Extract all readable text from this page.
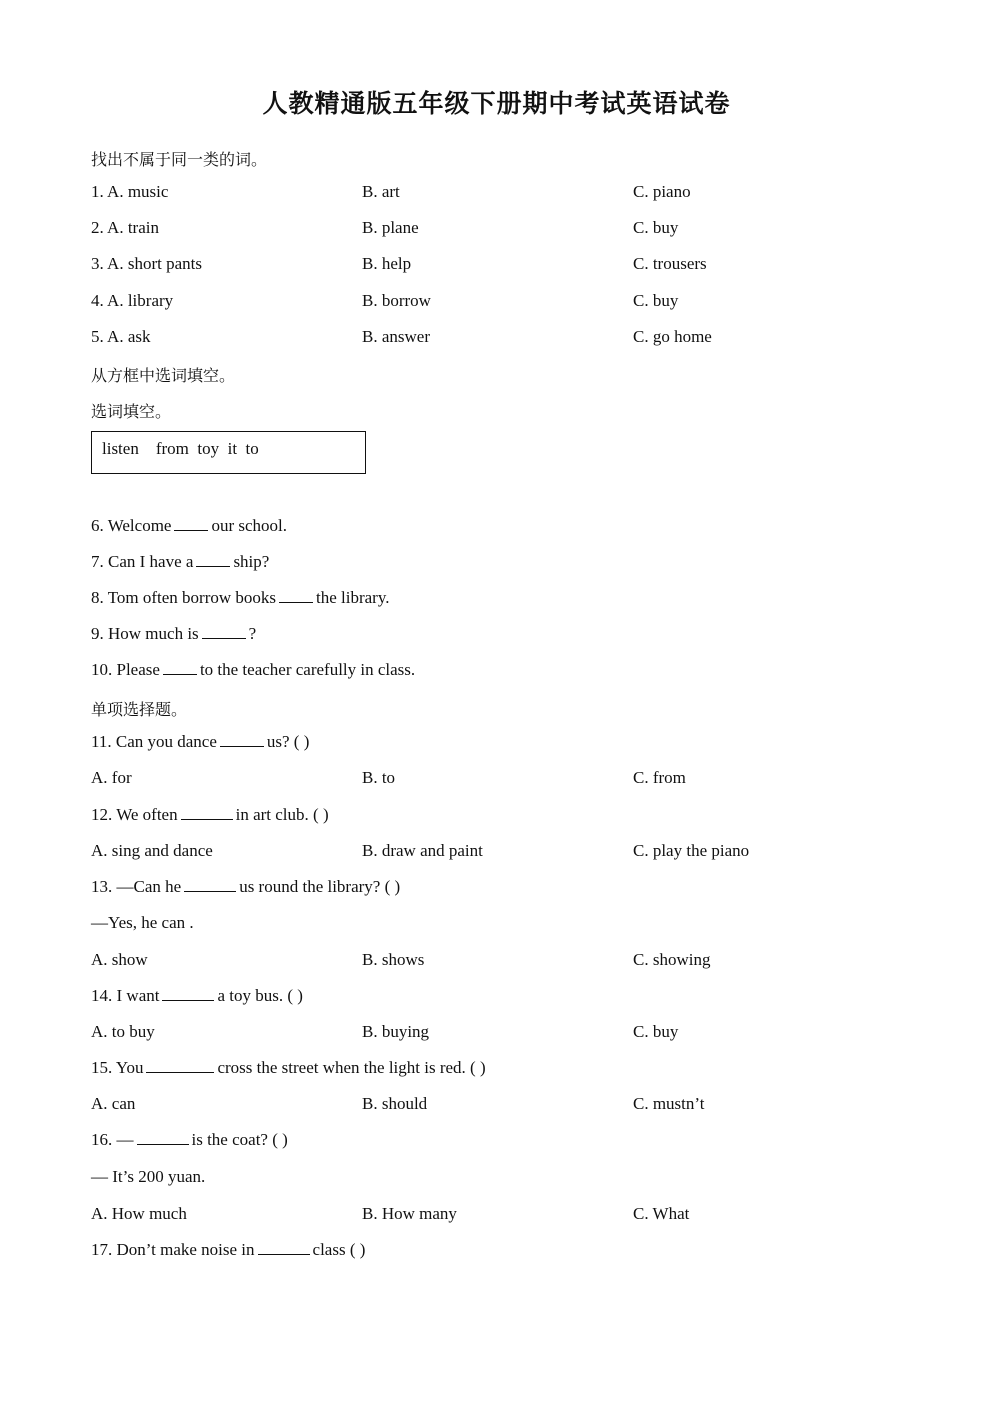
人教精通版五年级下册期中考试英语试卷
找出不属于同一类的词。
1. A. music	B. art	C. piano
2. A. train	B. plane	C. buy
3. A. short pants	B. help	C. trousers
4. A. library	B. borrow	C. buy
5. A. ask	B. answer	C. go home
从方框中选词填空。
选词填空。
listen    from  toy  it  to
6. Welcome our school.
7. Can I have a ship?
8. Tom often borrow books the library.
9. How much is	?
10. Please to the teacher carefully in class.
单项选择题。
11. Can you dance	us? ( )
A. for	B. to	C. from
12. We often	in art club. ( )
A. sing and dance	B. draw and paint	C. play the piano
13. —Can he	us round the library? ( )
—Yes, he can .
A. show	B. shows	C. showing
14. I want	a toy bus. ( )
A. to buy	B. buying	C. buy
15. You	cross the street when the light is red. ( )
A. can	B. should	C. mustn’t
16. —	is the coat? ( )
— It’s 200 yuan.
A. How much	B. How many	C. What
17. Don’t make noise in	class ( )
